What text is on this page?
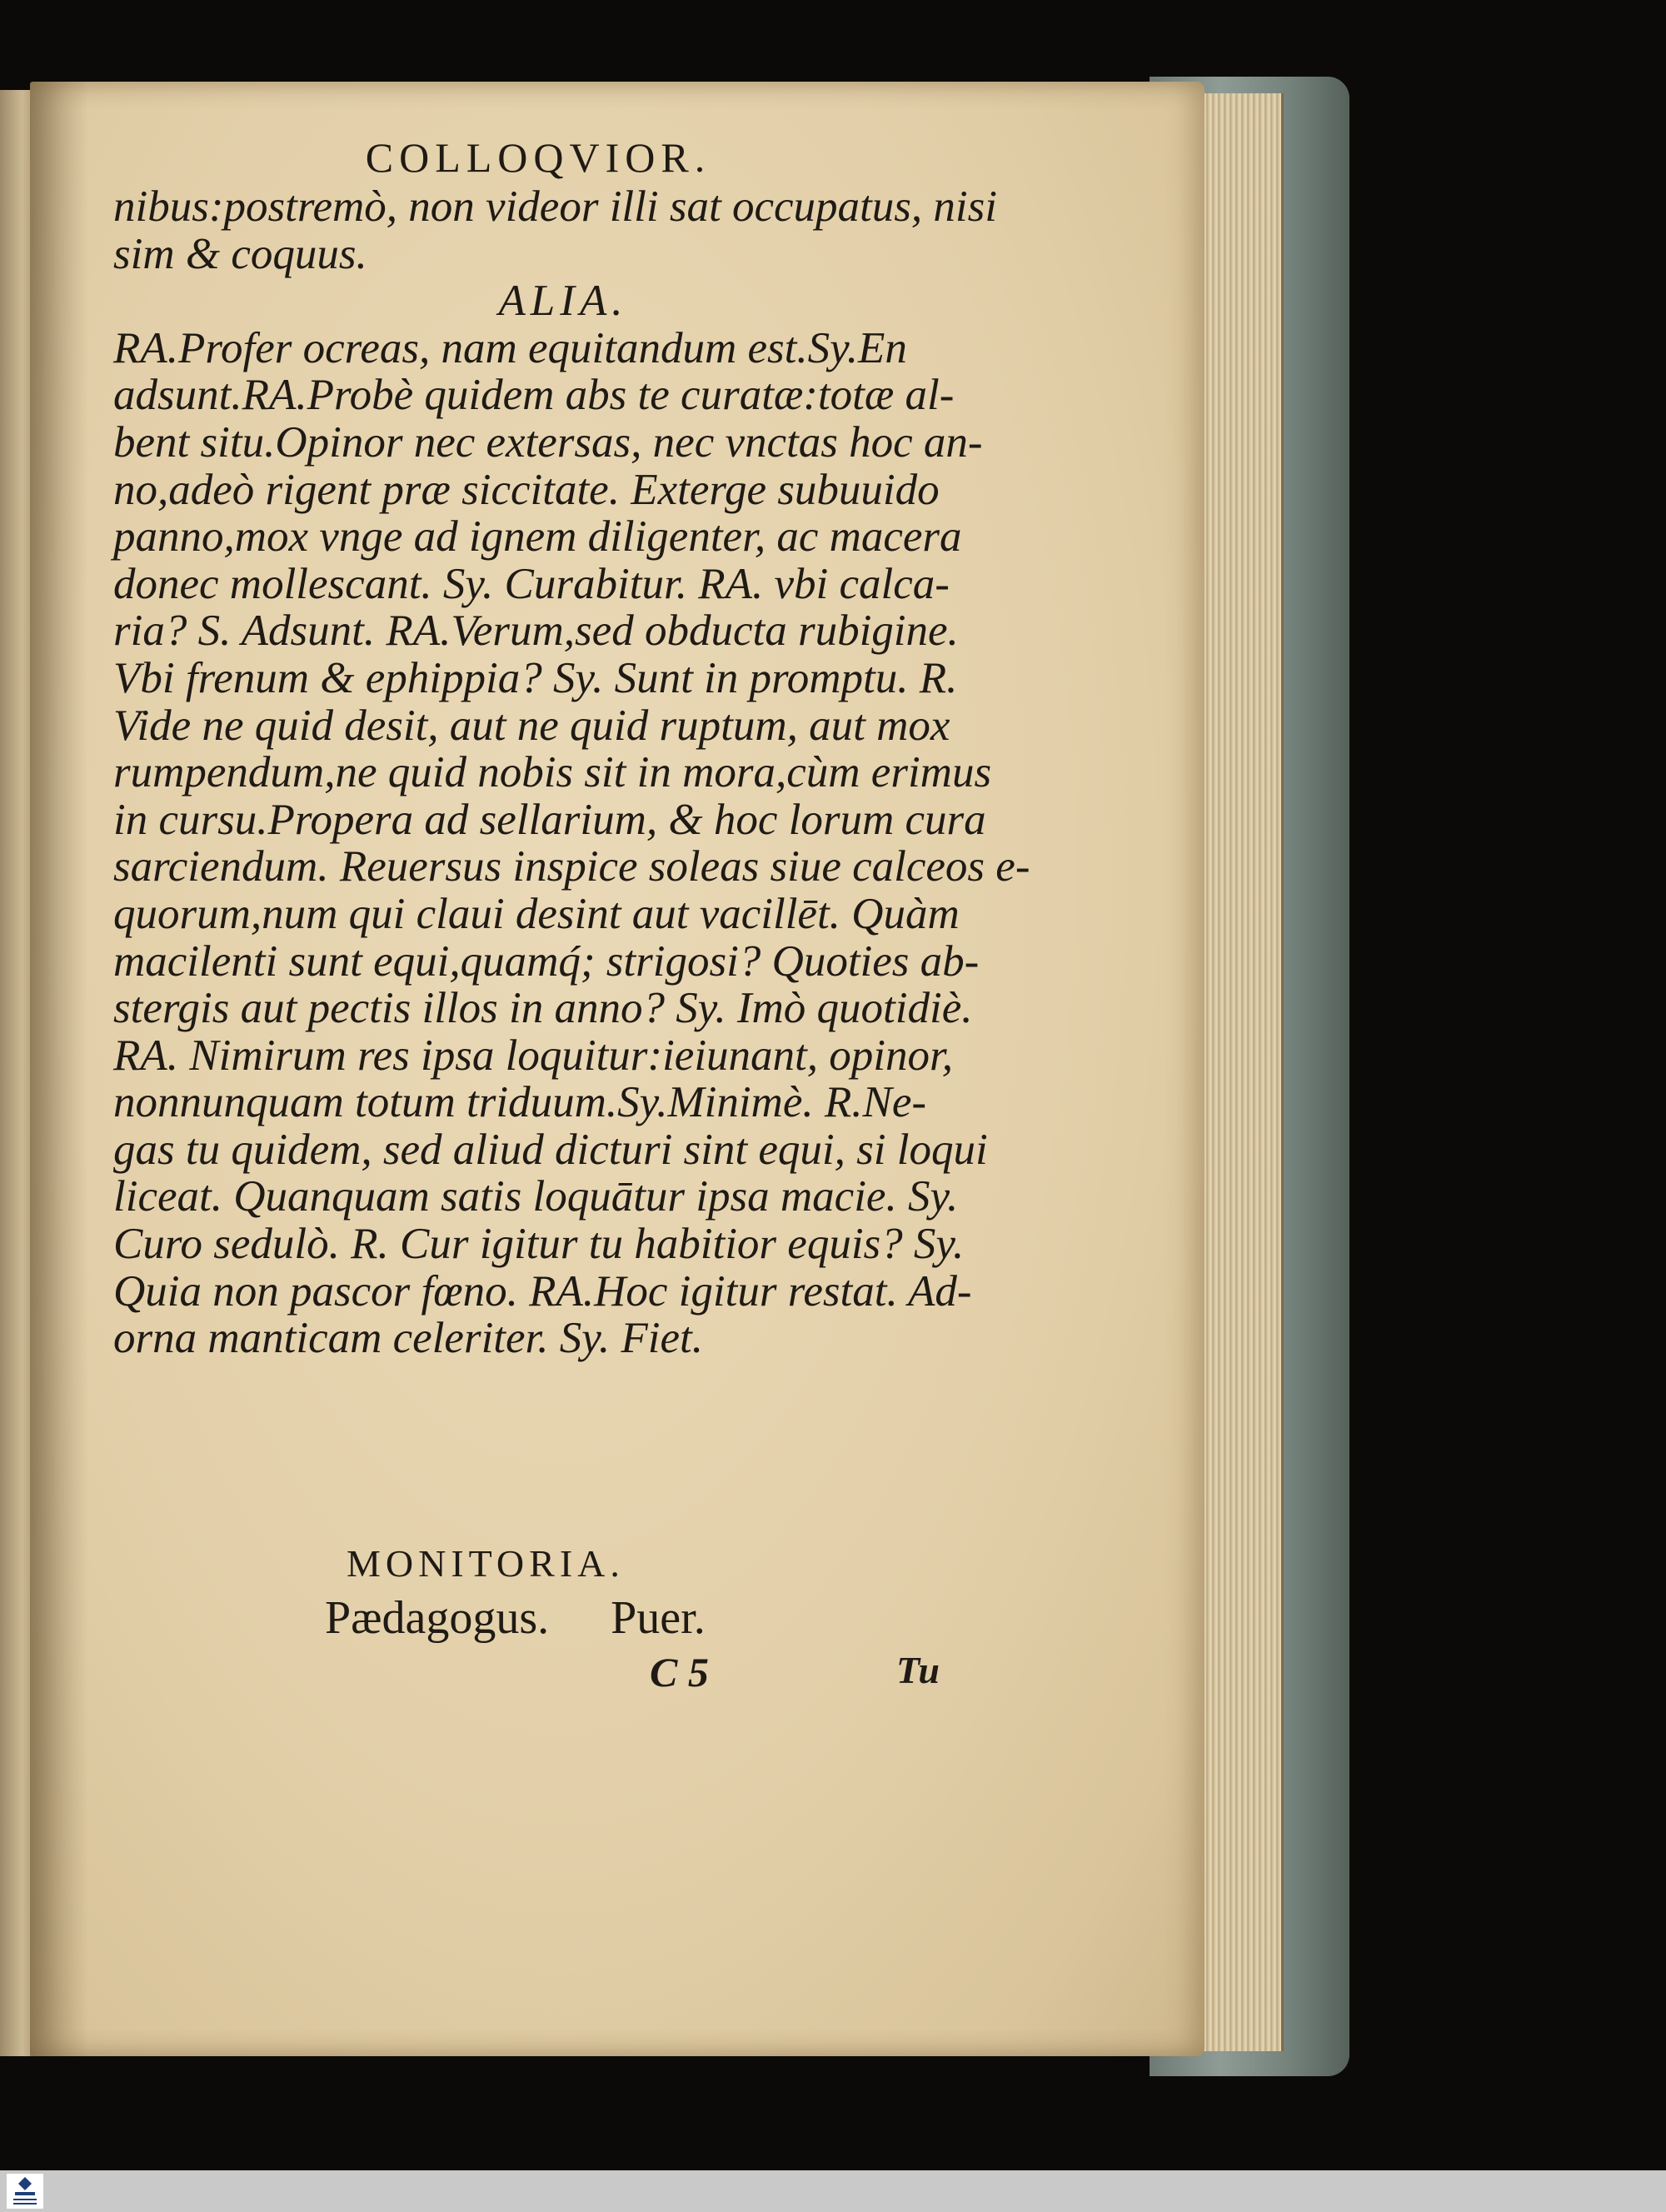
COLLOQVIOR.
nibus:postremò, non videor illi sat occupatus, nisi
sim & coquus.
ALIA.
RA.Profer ocreas, nam equitandum est.Sy.En
adsunt.RA.Probè quidem abs te curatæ:totæ al-
bent situ.Opinor nec extersas, nec vnctas hoc an-
no,adeò rigent præ siccitate. Exterge subuuido
panno,mox vnge ad ignem diligenter, ac macera
donec mollescant. Sy. Curabitur. RA. vbi calca-
ria? S. Adsunt. RA.Verum,sed obducta rubigine.
Vbi frenum & ephippia? Sy. Sunt in promptu. R.
Vide ne quid desit, aut ne quid ruptum, aut mox
rumpendum,ne quid nobis sit in mora,cùm erimus
in cursu.Propera ad sellarium, & hoc lorum cura
sarciendum. Reuersus inspice soleas siue calceos e-
quorum,num qui claui desint aut vacillēt. Quàm
macilenti sunt equi,quamq́; strigosi? Quoties ab-
stergis aut pectis illos in anno? Sy. Imò quotidiè.
RA. Nimirum res ipsa loquitur:ieiunant, opinor,
nonnunquam totum triduum.Sy.Minimè. R.Ne-
gas tu quidem, sed aliud dicturi sint equi, si loqui
liceat. Quanquam satis loquātur ipsa macie. Sy.
Curo sedulò. R. Cur igitur tu habitior equis? Sy.
Quia non pascor fœno. RA.Hoc igitur restat. Ad-
orna manticam celeriter. Sy. Fiet.
MONITORIA.
Pædagogus. Puer.
C 5	Tu
